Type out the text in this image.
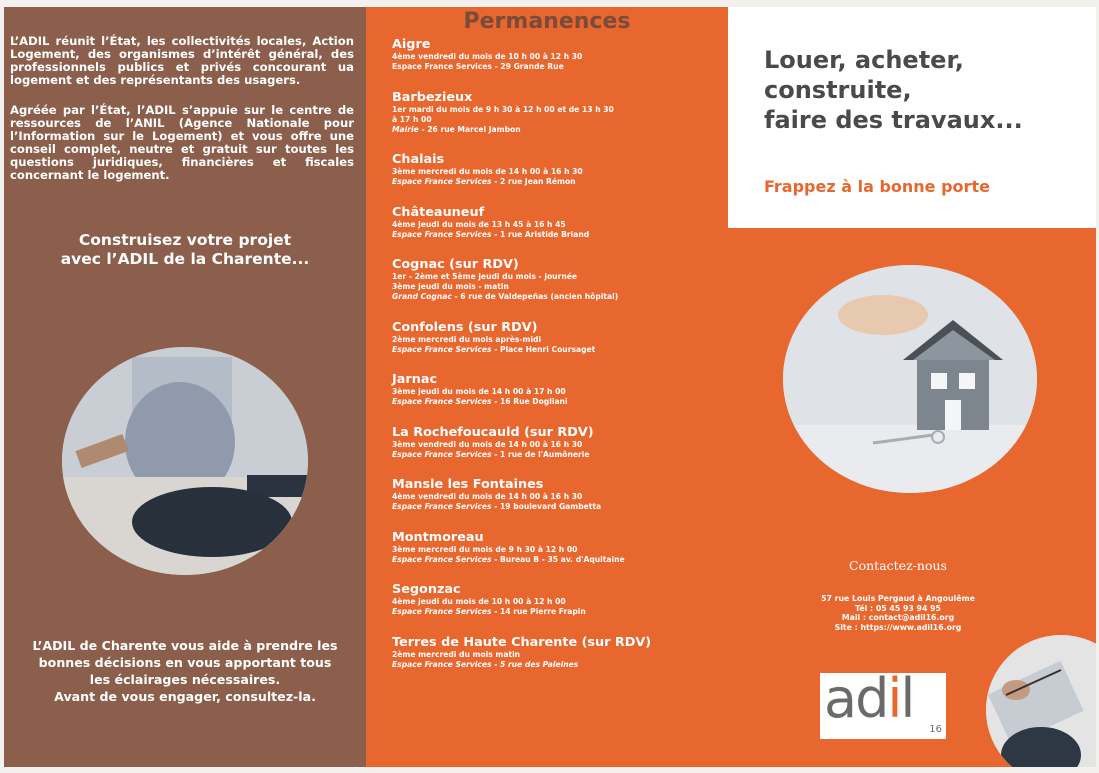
L’ADIL réunit l’État, les collectivités locales, Action Logement, des organismes d’intérêt général, des professionnels publics et privés concourant ua logement et des représentants des usagers.

Agréée par l’État, l’ADIL s’appuie sur le centre de ressources de l’ANIL (Agence Nationale pour l’Information sur le Logement) et vous offre une conseil complet, neutre et gratuit sur toutes les questions juridiques, financières et fiscales concernant le logement.

Construisez votre projet
avec l’ADIL de la Charente...
L’ADIL de Charente vous aide à prendre les
bonnes décisions en vous apportant tous
les éclairages nécessaires.
Avant de vous engager, consultez-la.
Permanences
Aigre
4ème vendredi du mois de 10 h 00 à 12 h 30
Espace France Services - 29 Grande Rue
Barbezieux
1er mardi du mois de 9 h 30 à 12 h 00 et de 13 h 30
à 17 h 00
Mairie - 26 rue Marcel Jambon
Chalais
3ème mercredi du mois de 14 h 00 à 16 h 30
Espace France Services - 2 rue Jean Rémon
Châteauneuf
4ème jeudi du mois de 13 h 45 à 16 h 45
Espace France Services - 1 rue Aristide Briand
Cognac (sur RDV)
1er - 2ème et 5ème jeudi du mois - journée
3ème jeudi du mois - matin
Grand Cognac - 6 rue de Valdepeñas (ancien hôpital)
Confolens (sur RDV)
2ème mercredi du mois après-midi
Espace France Services - Place Henri Coursaget
Jarnac
3ème jeudi du mois de 14 h 00 à 17 h 00
Espace France Services - 16 Rue Dogliani
La Rochefoucauld (sur RDV)
3ème vendredi du mois de 14 h 00 à 16 h 30
Espace France Services - 1 rue de l'Aumônerie
Mansle les Fontaines
4ème vendredi du mois de 14 h 00 à 16 h 30
Espace France Services - 19 boulevard Gambetta
Montmoreau
3ème mercredi du mois de 9 h 30 à 12 h 00
Espace France Services - Bureau B - 35 av. d'Aquitaine
Segonzac
4ème jeudi du mois de 10 h 00 à 12 h 00
Espace France Services - 14 rue Pierre Frapin
Terres de Haute Charente (sur RDV)
2ème mercredi du mois matin
Espace France Services - 5 rue des Paleines
Louer, acheter,
construite,
faire des travaux...
Frappez à la bonne porte
Contactez-nous
57 rue Louis Pergaud à Angoulême
Tél : 05 45 93 94 95
Mail : contact@adil16.org
Site : https://www.adil16.org
adil 16
